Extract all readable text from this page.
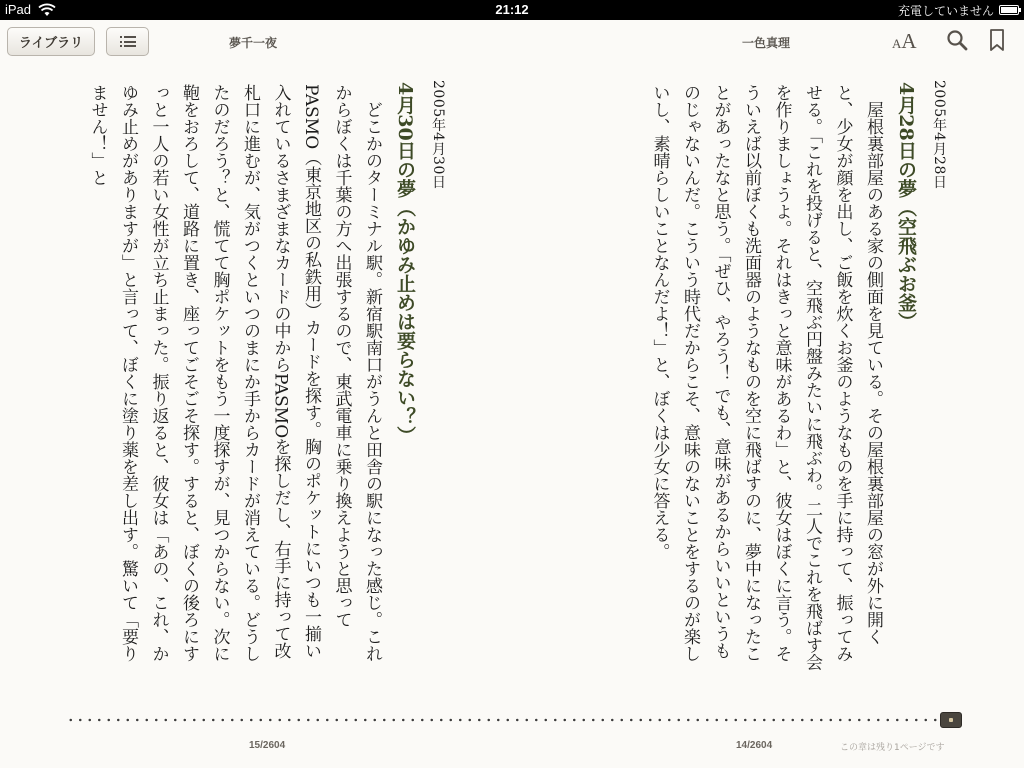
iPad	21:12	充電していません
ライブラリ	夢千一夜	一色真理	AA
2005年4月28日
4月28日の夢（空飛ぶお釜）
屋根裏部屋のある家の側面を見ている。その屋根裏部屋の窓が外に開くと、少女が顔を出し、ご飯を炊くお釜のようなものを手に持って、振ってみせる。「これを投げると、空飛ぶ円盤みたいに飛ぶわ。二人でこれを飛ばす会を作りましょうよ。それはきっと意味があるわ」と、彼女はぼくに言う。そういえば以前ぼくも洗面器のようなものを空に飛ばすのに、夢中になったことがあったなと思う。「ぜひ、やろう！ でも、意味があるからいいというものじゃないんだ。こういう時代だからこそ、意味のないことをするのが楽しいし、素晴らしいことなんだよ！」と、ぼくは少女に答える。
2005年4月30日
4月30日の夢（かゆみ止めは要らない？）
どこかのターミナル駅。新宿駅南口がうんと田舎の駅になった感じ。これからぼくは千葉の方へ出張するので、東武電車に乗り換えようと思ってPASMO（東京地区の私鉄用）カードを探す。胸のポケットにいつも一揃い入れているさまざまなカードの中からPASMOを探しだし、右手に持って改札口に進むが、気がつくといつのまにか手からカードが消えている。どうしたのだろう？と、慌てて胸ポケットをもう一度探すが、見つからない。次に鞄をおろして、道路に置き、座ってごそごそ探す。すると、ぼくの後ろにすっと一人の若い女性が立ち止まった。振り返ると、彼女は「あの、これ、かゆみ止めがありますが」と言って、ぼくに塗り薬を差し出す。驚いて「要りません！」と
15/2604	14/2604	この章は残り1ページです
